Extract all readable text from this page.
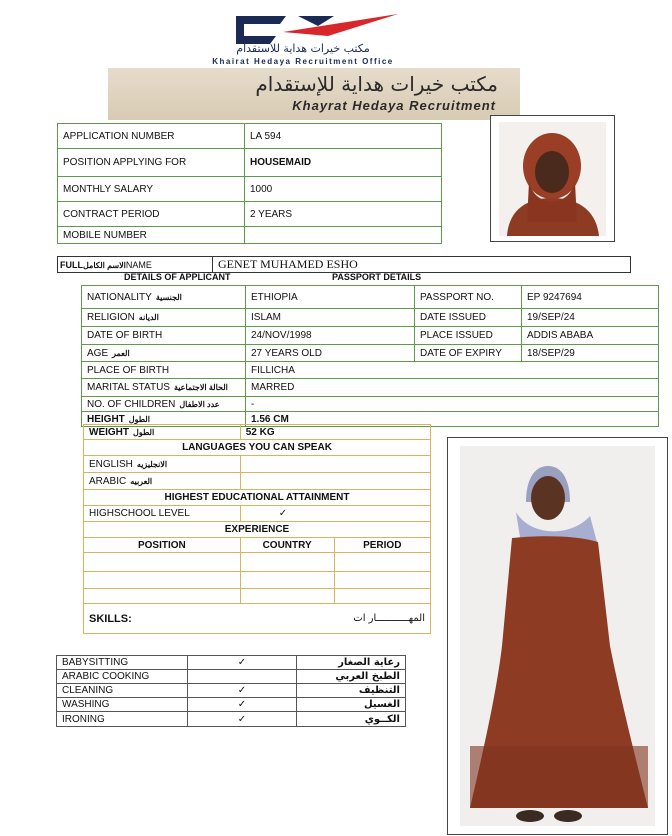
مكتب خيرات هداية للاستقدام
Khairat Hedaya Recruitment Office
مكتب خيرات هداية للإستقدام
Khayrat Hedaya Recruitment
APPLICATION NUMBER	LA 594
POSITION APPLYING FOR	HOUSEMAID
MONTHLY SALARY	1000
CONTRACT PERIOD	2 YEARS
MOBILE NUMBER	
FULLالاسم الكاملNAME	GENET MUHAMED ESHO
DETAILS OF APPLICANT	PASSPORT DETAILS
NATIONALITY الجنسية	ETHIOPIA	PASSPORT NO.	EP 9247694
RELIGION الديانه	ISLAM	DATE ISSUED	19/SEP/24
DATE OF BIRTH	24/NOV/1998	PLACE ISSUED	ADDIS ABABA
AGE العمر	27 YEARS OLD	DATE OF EXPIRY	18/SEP/29
PLACE OF BIRTH	FILLICHA		
MARITAL STATUS الحالة الاجتماعية	MARRED		
NO. OF CHILDREN عدد الاطفال	-		
HEIGHT الطول	1.56 CM		
WEIGHT الطول	52 KG	
LANGUAGES YOU CAN SPEAK		
ENGLISH الانجليزيه		
ARABIC العربيه		
HIGHEST EDUCATIONAL ATTAINMENT		
HIGHSCHOOL LEVEL	✓	
EXPERIENCE		
POSITION	COUNTRY	PERIOD

SKILLS:		المهـــــــــــار ات
BABYSITTING	✓	رعاية الصغار
ARABIC COOKING		الطبخ العربي
CLEANING	✓	التنظيف
WASHING	✓	الغسيل
IRONING	✓	الكــوي
